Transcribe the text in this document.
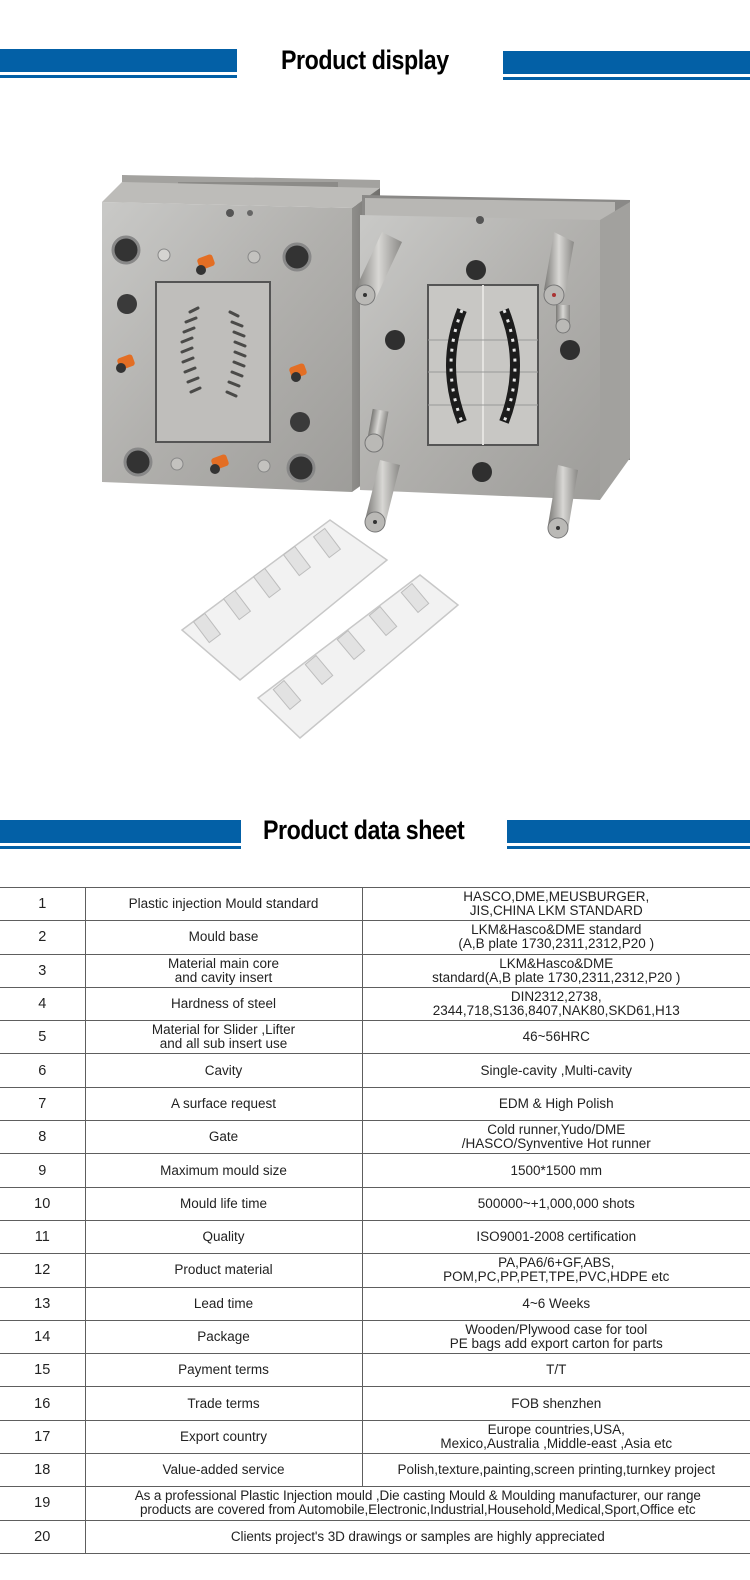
Product display
Product data sheet
1	Plastic injection Mould standard	HASCO,DME,MEUSBURGER,
JIS,CHINA LKM STANDARD

2	Mould base	LKM&Hasco&DME standard
(A,B plate 1730,2311,2312,P20 )

3	Material main core
and cavity insert	LKM&Hasco&DME
standard(A,B plate 1730,2311,2312,P20 )

4	Hardness of steel	DIN2312,2738,
2344,718,S136,8407,NAK80,SKD61,H13

5	Material for Slider ,Lifter
and all sub insert use	46~56HRC

6	Cavity	Single-cavity ,Multi-cavity

7	A surface request	EDM & High Polish

8	Gate	Cold runner,Yudo/DME
/HASCO/Synventive Hot runner

9	Maximum mould size	1500*1500 mm

10	Mould life time	500000~+1,000,000 shots

11	Quality	ISO9001-2008 certification

12	Product material	PA,PA6/6+GF,ABS,
POM,PC,PP,PET,TPE,PVC,HDPE etc

13	Lead time	4~6 Weeks

14	Package	Wooden/Plywood case for tool
PE bags add export carton for parts

15	Payment terms	T/T

16	Trade terms	FOB shenzhen

17	Export country	Europe countries,USA,
Mexico,Australia ,Middle-east ,Asia etc

18	Value-added service	Polish,texture,painting,screen printing,turnkey project

19	As a professional Plastic Injection mould ,Die casting Mould & Moulding manufacturer, our range
products are covered from Automobile,Electronic,Industrial,Household,Medical,Sport,Office etc	

20	Clients project's 3D drawings or samples are highly appreciated	
